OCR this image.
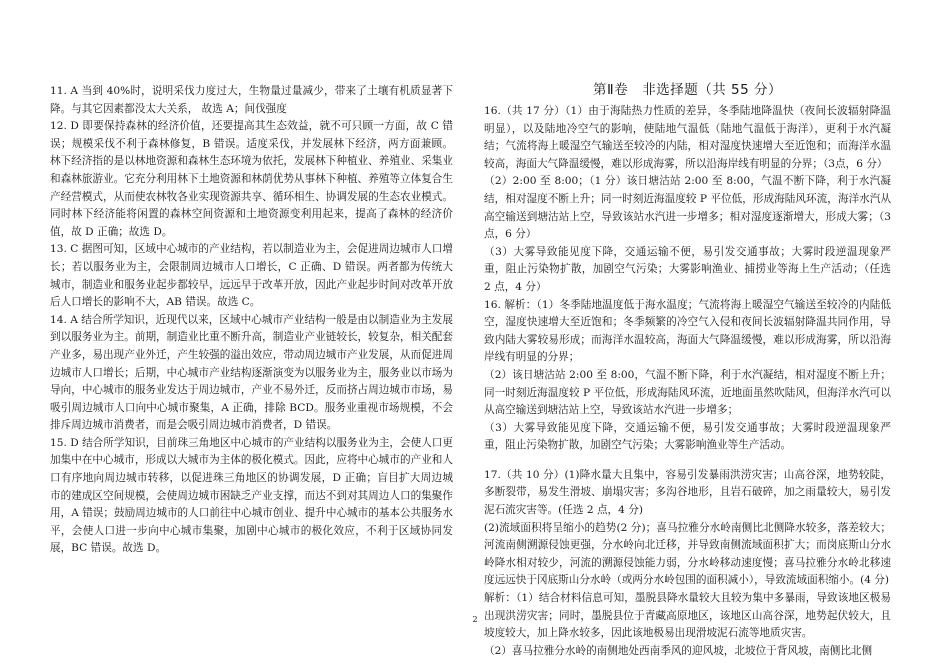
11. A 当到 40%时，说明采伐力度过大，生物量过量减少，带来了土壤有机质显著下降。与其它因素都没太大关系， 故选 A；间伐强度

12. D 即要保持森林的经济价值，还要提高其生态效益，就不可只顾一方面，故 C 错误；规模采伐不利于森林修复，B 错误。适度采伐，并发展林下经济，两方面兼顾。林下经济指的是以林地资源和森林生态环境为依托，发展林下种植业、养殖业、采集业和森林旅游业。它充分利用林下土地资源和林荫优势从事林下种植、养殖等立体复合生产经营模式，从而使农林牧各业实现资源共享、循环相生、协调发展的生态农业模式。同时林下经济能将闲置的森林空间资源和土地资源变利用起来，提高了森林的经济价值，故 D 正确；故选 D。

13. C 据图可知，区域中心城市的产业结构，若以制造业为主，会促进周边城市人口增长；若以服务业为主，会限制周边城市人口增长，C 正确、D 错误。两者都为传统大城市，制造业和服务业起步都较早，远远早于改革开放，因此产业起步时间对改革开放后人口增长的影响不大，AB 错误。故选 C。

14. A 结合所学知识，近现代以来，区域中心城市产业结构一般是由以制造业为主发展到以服务业为主。前期，制造业比重不断升高，制造业产业链较长，较复杂，相关配套产业多，易出现产业外迁，产生较强的溢出效应，带动周边城市产业发展，从而促进周边城市人口增长；后期，中心城市产业结构逐渐演变为以服务业为主，服务业以市场为导向，中心城市的服务业发达于周边城市，产业不易外迁，反而挤占周边城市市场，易吸引周边城市人口向中心城市聚集，A 正确，排除 BCD。服务业重视市场规模，不会排斥周边城市消费者，而是会吸引周边城市消费者，D 错误。

15. D 结合所学知识，目前珠三角地区中心城市的产业结构以服务业为主，会使人口更加集中在中心城市，形成以大城市为主体的极化模式。因此，应将中心城市的产业和人口有序地向周边城市转移，以促进珠三角地区的协调发展，D 正确；盲目扩大周边城市的建成区空间规模，会使周边城市困缺乏产业支撑，而达不到对其周边人口的集聚作用，A 错误；鼓励周边城市的人口前往中心城市创业、提升中心城市的基本公共服务水平，会使人口进一步向中心城市集聚，加剧中心城市的极化效应，不利于区域协同发展，BC 错误。故选 D。

第Ⅱ卷　非选择题（共 55 分）

16.（共 17 分）（1）由于海陆热力性质的差异，冬季陆地降温快（夜间长波辐射降温明显），以及陆地冷空气的影响，使陆地气温低（陆地气温低于海洋），更利于水汽凝结；气流将海上暖湿空气输送至较冷的内陆，相对湿度快速增大至近饱和；而海洋水温较高，海面大气降温缓慢，难以形成海雾，所以沿海岸线有明显的分界；（3点，6 分）

（2）2:00 至 8:00；（1 分）该日塘沽站 2:00 至 8:00，气温不断下降，利于水汽凝结，相对湿度不断上升；同一时刻近海温度较 P 平位低，形成海陆风环流，海洋水汽从高空输送到塘沽站上空，导致该站水汽进一步增多；相对湿度逐渐增大，形成大雾；（3 点，6 分）

（3）大雾导致能见度下降，交通运输不便，易引发交通事故；大雾时段逆温现象严重，阻止污染物扩散，加剧空气污染；大雾影响渔业、捕捞业等海上生产活动；（任选 2 点，4 分）

16. 解析：（1）冬季陆地温度低于海水温度；气流将海上暖湿空气输送至较冷的内陆低空，湿度快速增大至近饱和；冬季频繁的冷空气入侵和夜间长波辐射降温共同作用，导致内陆大雾较易形成；而海洋水温较高，海面大气降温缓慢，难以形成海雾，所以沿海岸线有明显的分界；

（2）该日塘沽站 2:00 至 8:00，气温不断下降，利于水汽凝结，相对湿度不断上升；同一时刻近海温度较 P 平位低，形成海陆风环流，近地面虽然吹陆风，但海洋水汽可以从高空输送到塘沽站上空，导致该站水汽进一步增多；

（3）大雾导致能见度下降，交通运输不便，易引发交通事故；大雾时段逆温现象严重，阻止污染物扩散，加剧空气污染；大雾影响渔业等生产活动。

17.（共 10 分）(1)降水量大且集中，容易引发暴雨洪涝灾害；山高谷深，地势较陡，多断裂带，易发生滑坡、崩塌灾害；多沟谷地形，且岩石破碎，加之雨量较大，易引发泥石流灾害等。(任选 2 点，4 分)

(2)流域面积将呈缩小的趋势(2 分)；喜马拉雅分水岭南侧比北侧降水较多，落差较大；河流南侧溯源侵蚀更强，分水岭向北迁移，并导致南侧流域面积扩大；而岗底斯山分水岭降水相对较少，河流的溯源侵蚀能力弱，分水岭移动速度慢；喜马拉雅分水岭北移速度远远快于冈底斯山分水岭（或两分水岭包围的面积减小），导致流域面积缩小。(4 分)

解析：（1）结合材料信息可知，墨脱县降水量较大且较为集中多暴雨，导致该地区极易出现洪涝灾害；同时，墨脱县位于青藏高原地区，该地区山高谷深，地势起伏较大，且坡度较大，加上降水较多，因此该地极易出现滑坡泥石流等地质灾害。

（2）喜马拉雅分水岭的南侧地处西南季风的迎风坡，北坡位于背风坡，南侧比北侧

2
